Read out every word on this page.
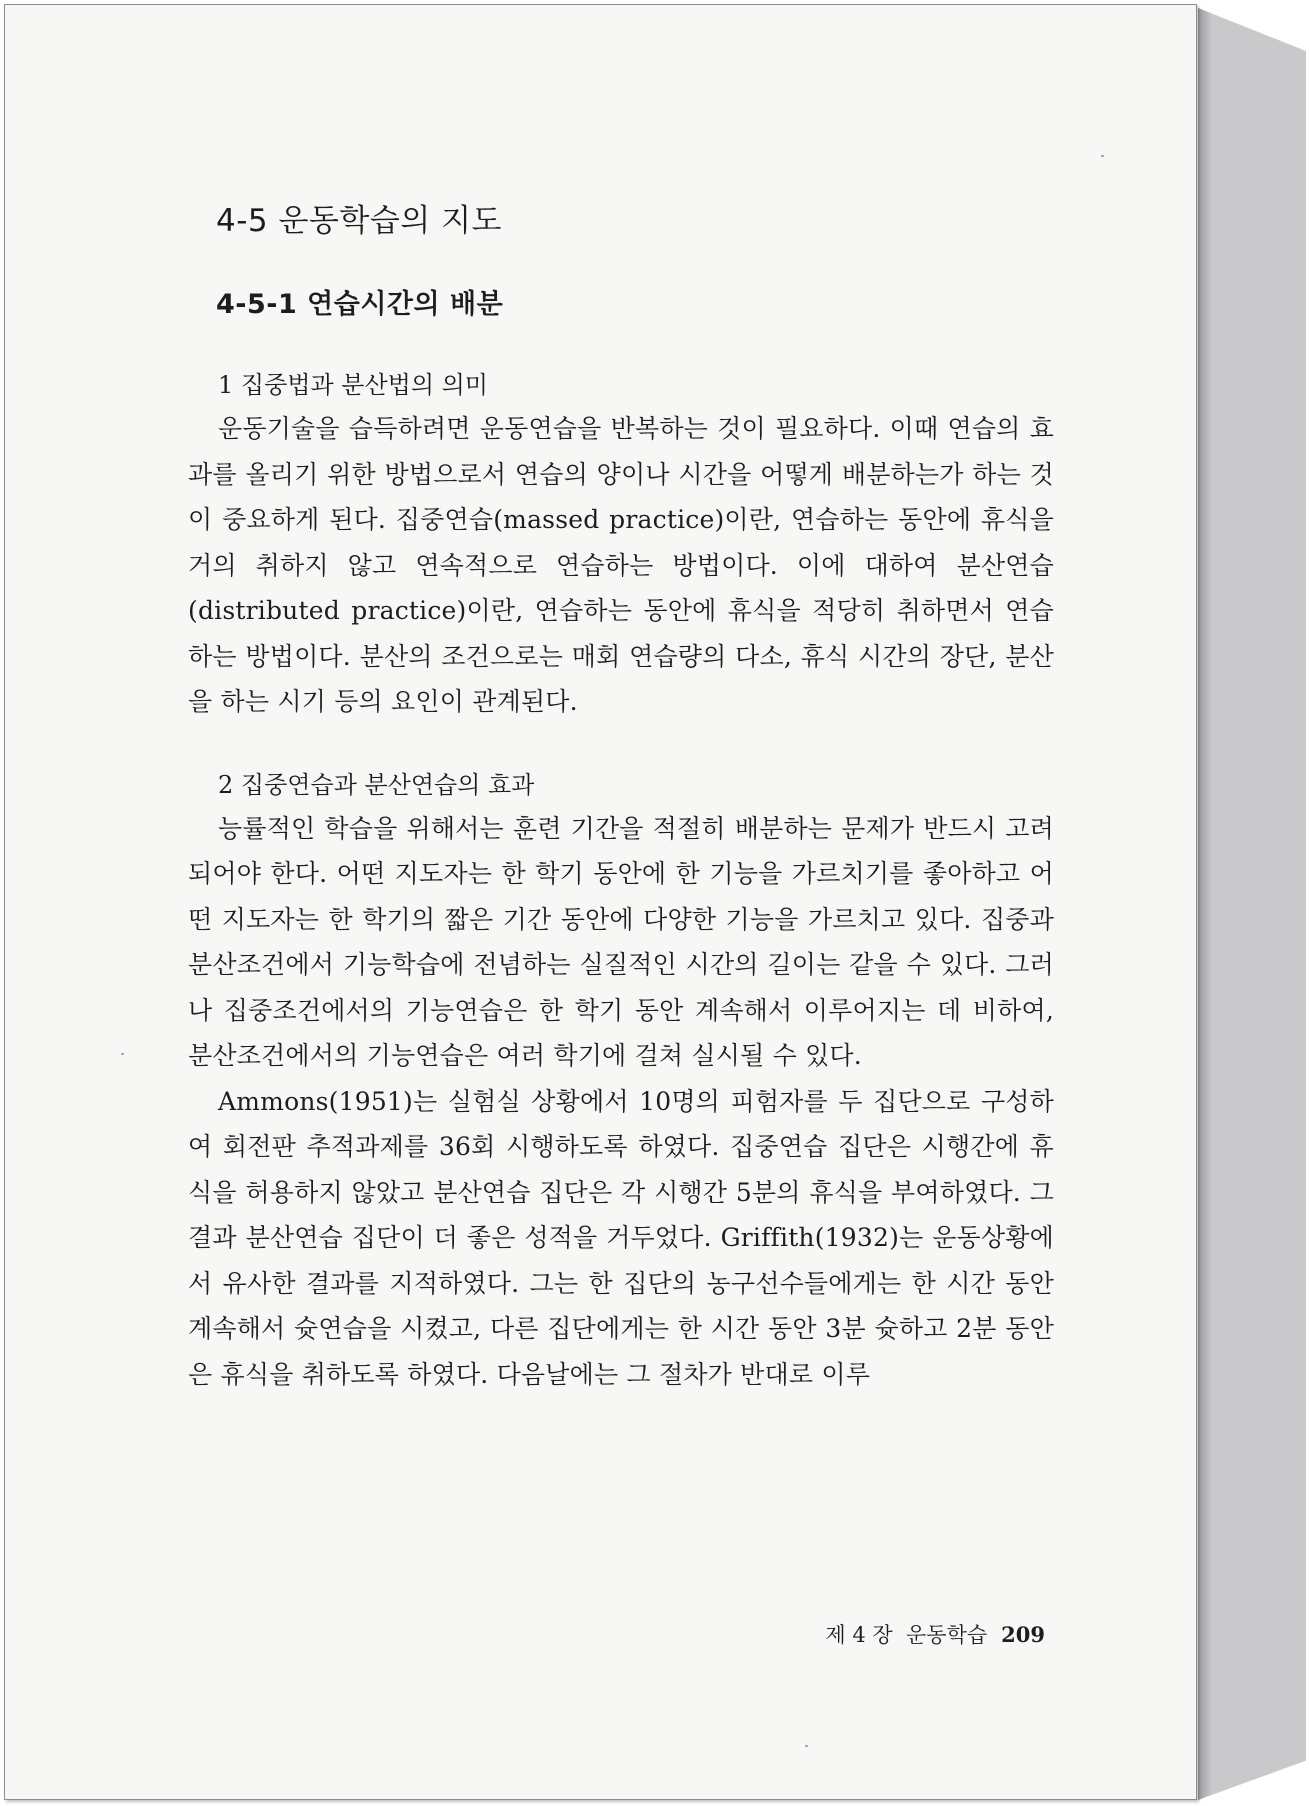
4-5 운동학습의 지도
4-5-1 연습시간의 배분
1 집중법과 분산법의 의미

운동기술을 습득하려면 운동연습을 반복하는 것이 필요하다. 이때 연습의 효과를 올리기 위한 방법으로서 연습의 양이나 시간을 어떻게 배분하는가 하는 것이 중요하게 된다. 집중연습(massed practice)이란, 연습하는 동안에 휴식을 거의 취하지 않고 연속적으로 연습하는 방법이다. 이에 대하여 분산연습(distributed practice)이란, 연습하는 동안에 휴식을 적당히 취하면서 연습하는 방법이다. 분산의 조건으로는 매회 연습량의 다소, 휴식 시간의 장단, 분산을 하는 시기 등의 요인이 관계된다.

2 집중연습과 분산연습의 효과

능률적인 학습을 위해서는 훈련 기간을 적절히 배분하는 문제가 반드시 고려되어야 한다. 어떤 지도자는 한 학기 동안에 한 기능을 가르치기를 좋아하고 어떤 지도자는 한 학기의 짧은 기간 동안에 다양한 기능을 가르치고 있다. 집중과 분산조건에서 기능학습에 전념하는 실질적인 시간의 길이는 같을 수 있다. 그러나 집중조건에서의 기능연습은 한 학기 동안 계속해서 이루어지는 데 비하여, 분산조건에서의 기능연습은 여러 학기에 걸쳐 실시될 수 있다.

Ammons(1951)는 실험실 상황에서 10명의 피험자를 두 집단으로 구성하여 회전판 추적과제를 36회 시행하도록 하였다. 집중연습 집단은 시행간에 휴식을 허용하지 않았고 분산연습 집단은 각 시행간 5분의 휴식을 부여하였다. 그 결과 분산연습 집단이 더 좋은 성적을 거두었다. Griffith(1932)는 운동상황에서 유사한 결과를 지적하였다. 그는 한 집단의 농구선수들에게는 한 시간 동안 계속해서 슛연습을 시켰고, 다른 집단에게는 한 시간 동안 3분 슛하고 2분 동안은 휴식을 취하도록 하였다. 다음날에는 그 절차가 반대로 이루

제 4 장  운동학습 209
